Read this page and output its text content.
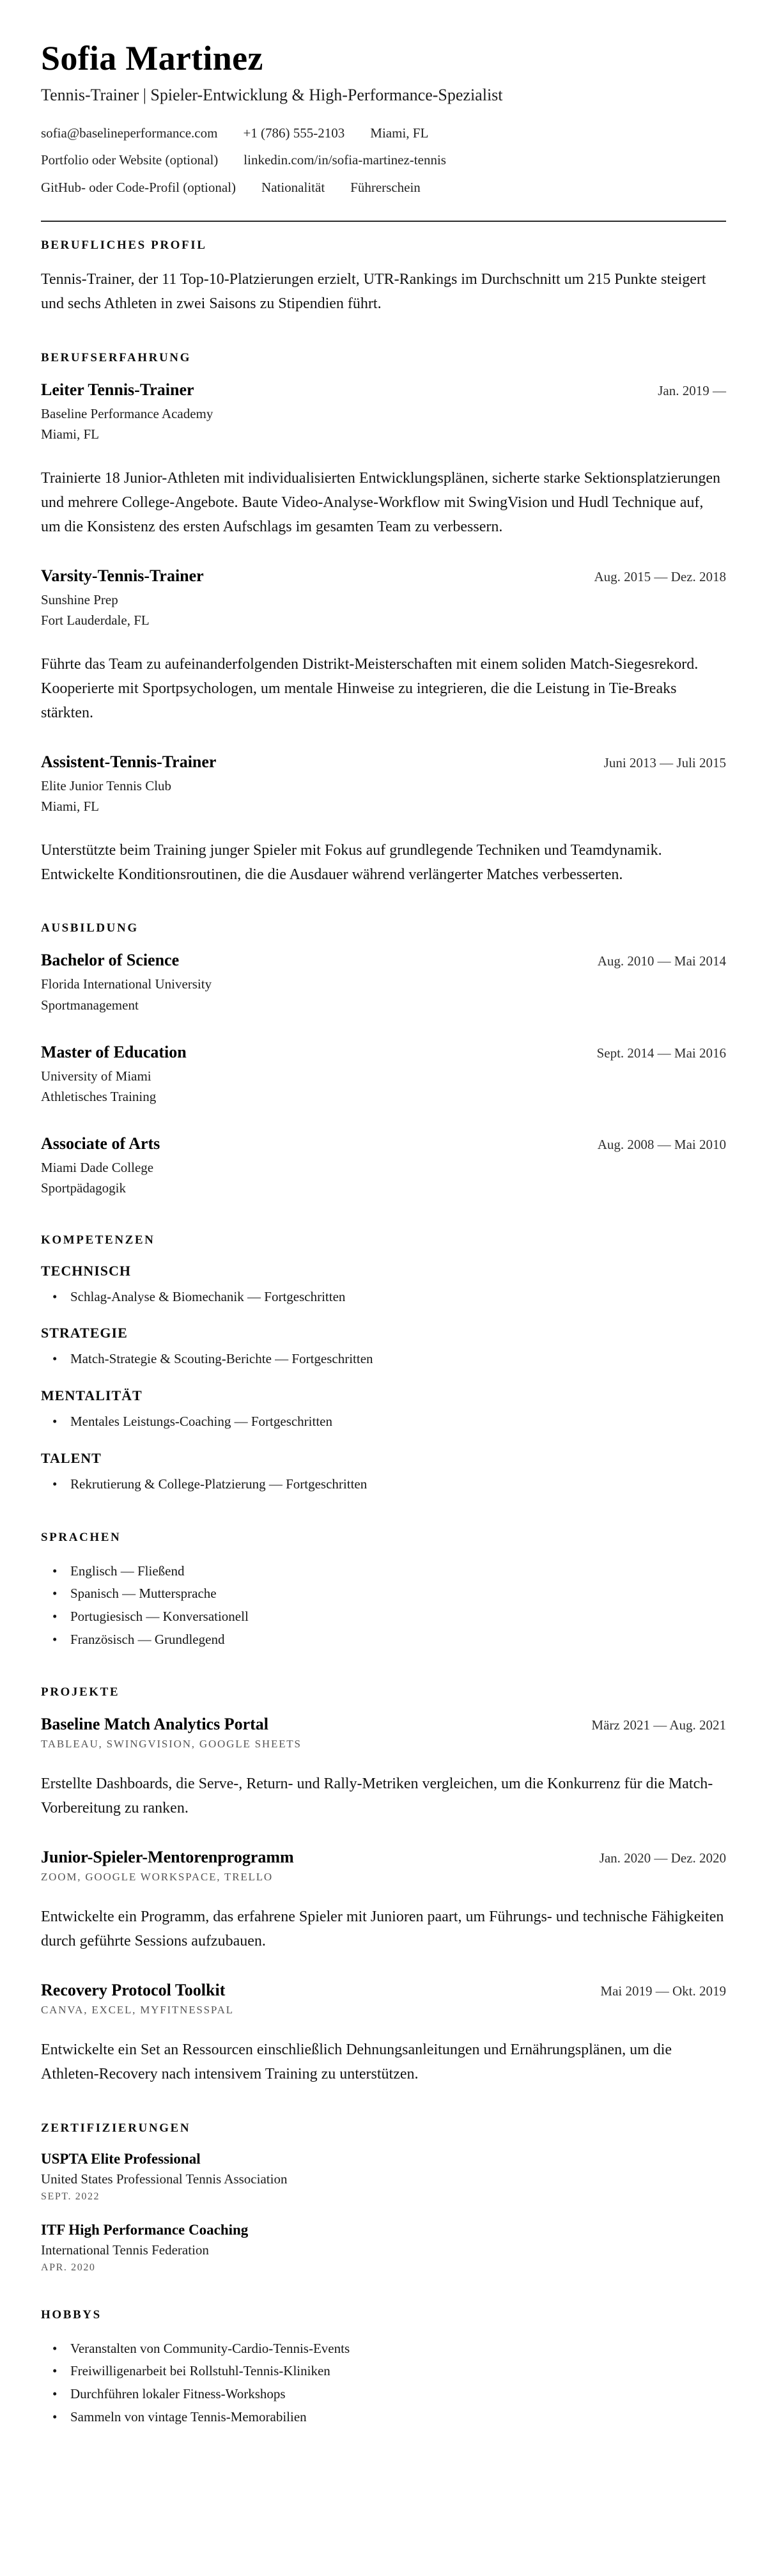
Sofia Martinez

Tennis-Trainer | Spieler-Entwicklung & High-Performance-Spezialist

sofia@baselineperformance.com +1 (786) 555-2103 Miami, FL
Portfolio oder Website (optional) linkedin.com/in/sofia-martinez-tennis
GitHub- oder Code-Profil (optional) Nationalität Führerschein
BERUFLICHES PROFIL

Tennis-Trainer, der 11 Top-10-Platzierungen erzielt, UTR-Rankings im Durchschnitt um 215 Punkte steigert und sechs Athleten in zwei Saisons zu Stipendien führt.

BERUFSERFAHRUNG
Leiter Tennis-Trainer	Jan. 2019 —
Baseline Performance Academy
Miami, FL

Trainierte 18 Junior-Athleten mit individualisierten Entwicklungsplänen, sicherte starke Sektionsplatzierungen und mehrere College-Angebote. Baute Video-Analyse-Workflow mit SwingVision und Hudl Technique auf, um die Konsistenz des ersten Aufschlags im gesamten Team zu verbessern.

Varsity-Tennis-Trainer	Aug. 2015 — Dez. 2018
Sunshine Prep
Fort Lauderdale, FL

Führte das Team zu aufeinanderfolgenden Distrikt-Meisterschaften mit einem soliden Match-Siegesrekord. Kooperierte mit Sportpsychologen, um mentale Hinweise zu integrieren, die die Leistung in Tie-Breaks stärkten.

Assistent-Tennis-Trainer	Juni 2013 — Juli 2015
Elite Junior Tennis Club
Miami, FL

Unterstützte beim Training junger Spieler mit Fokus auf grundlegende Techniken und Teamdynamik. Entwickelte Konditionsroutinen, die die Ausdauer während verlängerter Matches verbesserten.

AUSBILDUNG
Bachelor of Science	Aug. 2010 — Mai 2014
Florida International University
Sportmanagement
Master of Education	Sept. 2014 — Mai 2016
University of Miami
Athletisches Training
Associate of Arts	Aug. 2008 — Mai 2010
Miami Dade College
Sportpädagogik
KOMPETENZEN
TECHNISCH
• Schlag-Analyse & Biomechanik — Fortgeschritten
STRATEGIE
• Match-Strategie & Scouting-Berichte — Fortgeschritten
MENTALITÄT
• Mentales Leistungs-Coaching — Fortgeschritten
TALENT
• Rekrutierung & College-Platzierung — Fortgeschritten
SPRACHEN
• Englisch — Fließend
• Spanisch — Muttersprache
• Portugiesisch — Konversationell
• Französisch — Grundlegend
PROJEKTE
Baseline Match Analytics Portal	März 2021 — Aug. 2021
TABLEAU, SWINGVISION, GOOGLE SHEETS

Erstellte Dashboards, die Serve-, Return- und Rally-Metriken vergleichen, um die Konkurrenz für die Match-Vorbereitung zu ranken.

Junior-Spieler-Mentorenprogramm	Jan. 2020 — Dez. 2020
ZOOM, GOOGLE WORKSPACE, TRELLO

Entwickelte ein Programm, das erfahrene Spieler mit Junioren paart, um Führungs- und technische Fähigkeiten durch geführte Sessions aufzubauen.

Recovery Protocol Toolkit	Mai 2019 — Okt. 2019
CANVA, EXCEL, MYFITNESSPAL

Entwickelte ein Set an Ressourcen einschließlich Dehnungsanleitungen und Ernährungsplänen, um die Athleten-Recovery nach intensivem Training zu unterstützen.

ZERTIFIZIERUNGEN
USPTA Elite Professional
United States Professional Tennis Association
SEPT. 2022
ITF High Performance Coaching
International Tennis Federation
APR. 2020
HOBBYS
• Veranstalten von Community-Cardio-Tennis-Events
• Freiwilligenarbeit bei Rollstuhl-Tennis-Kliniken
• Durchführen lokaler Fitness-Workshops
• Sammeln von vintage Tennis-Memorabilien
